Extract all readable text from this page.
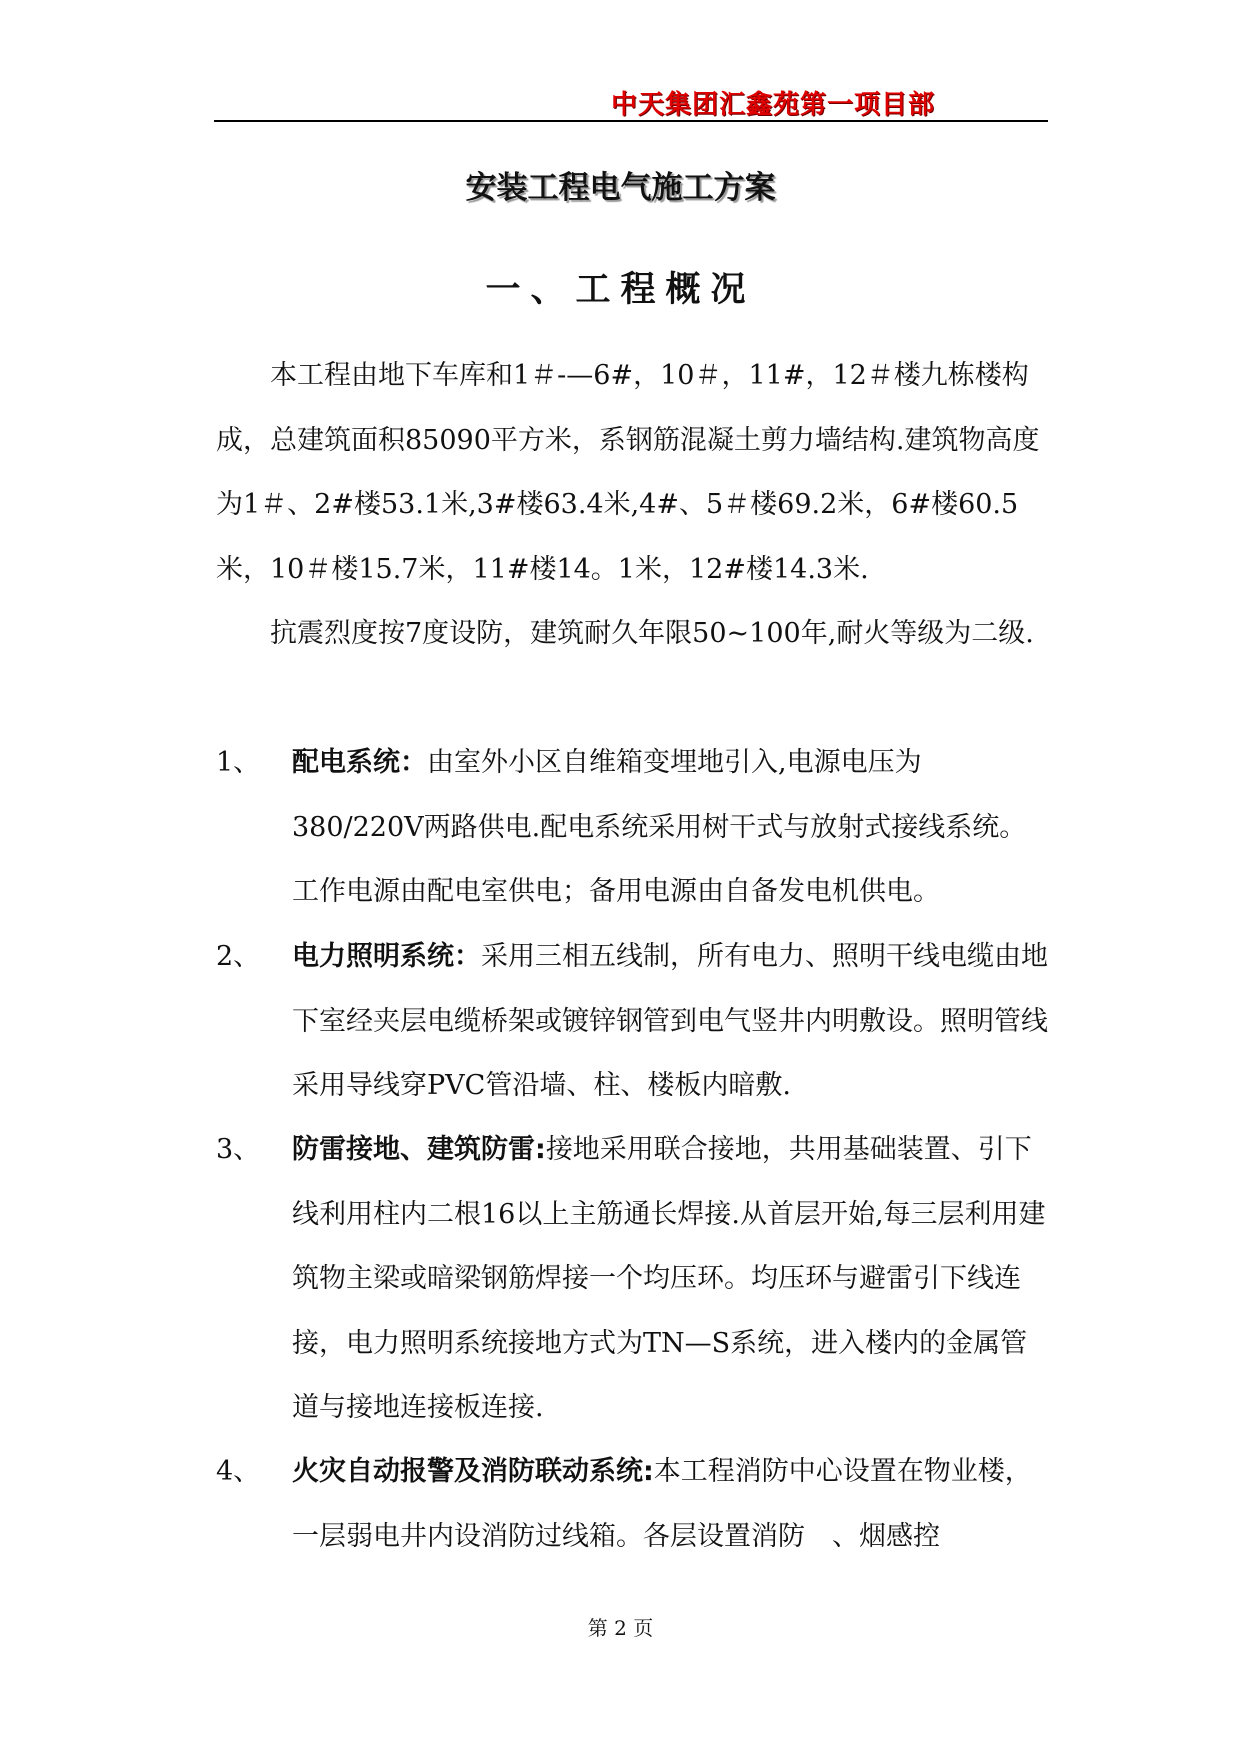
中天集团汇鑫苑第一项目部
安装工程电气施工方案
一、工程概况

本工程由地下车库和1＃-—6#，10＃，11#，12＃楼九栋楼构成，总建筑面积85090平方米，系钢筋混凝土剪力墙结构.建筑物高度为1＃、2#楼53.1米,3#楼63.4米,4#、5＃楼69.2米，6#楼60.5米，10＃楼15.7米，11#楼14。1米，12#楼14.3米.

抗震烈度按7度设防，建筑耐久年限50~100年,耐火等级为二级.

1、	配电系统：由室外小区自维箱变埋地引入,电源电压为380/220V两路供电.配电系统采用树干式与放射式接线系统。工作电源由配电室供电；备用电源由自备发电机供电。

2、	电力照明系统：采用三相五线制，所有电力、照明干线电缆由地下室经夹层电缆桥架或镀锌钢管到电气竖井内明敷设。照明管线采用导线穿PVC管沿墙、柱、楼板内暗敷.

3、	防雷接地、建筑防雷:接地采用联合接地，共用基础装置、引下线利用柱内二根16以上主筋通长焊接.从首层开始,每三层利用建筑物主梁或暗梁钢筋焊接一个均压环。均压环与避雷引下线连接，电力照明系统接地方式为TN—S系统，进入楼内的金属管道与接地连接板连接.

4、	火灾自动报警及消防联动系统:本工程消防中心设置在物业楼，一层弱电井内设消防过线箱。各层设置消防　、烟感控

第 2 页
